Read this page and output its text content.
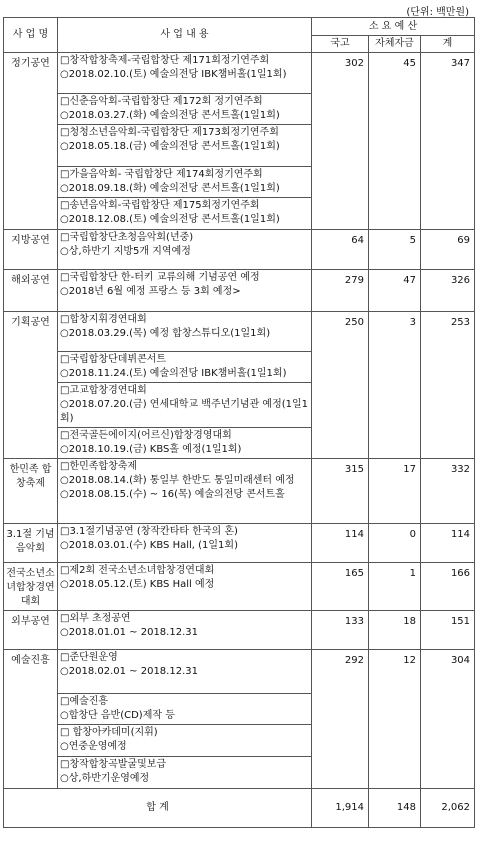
(단위: 백만원)
사 업 명	사 업 내 용	소 요 예 산		
		국고	자체자금	계
정기공연	□창작합창축제-국립합창단 제171회정기연주회
○2018.02.10.(토) 예술의전당 IBK챔버홀(1일1회)	302	45	347

	□신춘음악회-국립합창단 제172회 정기연주회
○2018.03.27.(화) 예술의전당 콘서트홀(1일1회)			

	□청청소년음악회-국립합창단 제173회정기연주회
○2018.05.18.(금) 예술의전당 콘서트홀(1일1회)			

	□가을음악회- 국립합창단 제174회정기연주회
○2018.09.18.(화) 예술의전당 콘서트홀(1일1회)			

	□송년음악회-국립합창단 제175회정기연주회
○2018.12.08.(토) 예술의전당 콘서트홀(1일1회)			

지방공연	□국립합창단초청음악회(년중)
○상,하반기 지방5개 지역예정	64	5	69
해외공연	□국립합창단 한-터키 교류의해 기념공연 예정
○2018년 6월 예정 프랑스 등 3회 예정>	279	47	326
기획공연	□합창지휘경연대회
○2018.03.29.(목) 예정 합창스튜디오(1일1회)	250	3	253

	□국립합창단데뷔콘서트
○2018.11.24.(토) 예술의전당 IBK챔버홀(1일1회)			

	□고교합창경연대회
○2018.07.20.(금) 연세대학교 백주년기념관 예정(1일1회)			

	□전국골든에이지(어르신)합창경영대회
○2018.10.19.(금) KBS홀 예정(1일1회)			

한민족 합창축제	□한민족합창축제
○2018.08.14.(화) 통일부 한반도 통일미래센터 예정
○2018.08.15.(수) ~ 16(목) 예술의전당 콘서트홀	315	17	332
3.1절 기념음악회	□3.1절기념공연 (창작칸타타 한국의 혼)
○2018.03.01.(수) KBS Hall, (1일1회)	114	0	114
전국소년소녀합창경연대회	□제2회 전국소년소녀합창경연대회
○2018.05.12.(토) KBS Hall 예정	165	1	166
외부공연	□외부 초정공연
○2018.01.01 ~ 2018.12.31	133	18	151
예술진흥	□준단원운영
○2018.02.01 ~ 2018.12.31	292	12	304

	□예술진흥
○합창단 음반(CD)제작 등			

	□ 합창아카데미(지휘)
○연중운영예정			

	□창작합창곡발굴및보급
○상,하반기운영예정			

합 계		1,914	148	2,062
